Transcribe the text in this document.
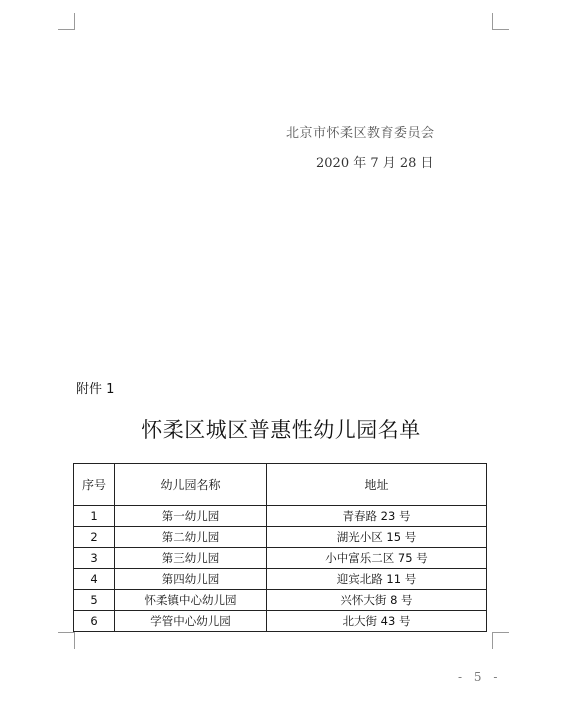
北京市怀柔区教育委员会
2020 年 7 月 28 日
附件 1
怀柔区城区普惠性幼儿园名单
序号	幼儿园名称	地址
1	第一幼儿园	青春路 23 号
2	第二幼儿园	湖光小区 15 号
3	第三幼儿园	小中富乐二区 75 号
4	第四幼儿园	迎宾北路 11 号
5	怀柔镇中心幼儿园	兴怀大街 8 号
6	学管中心幼儿园	北大街 43 号
- 5 -
